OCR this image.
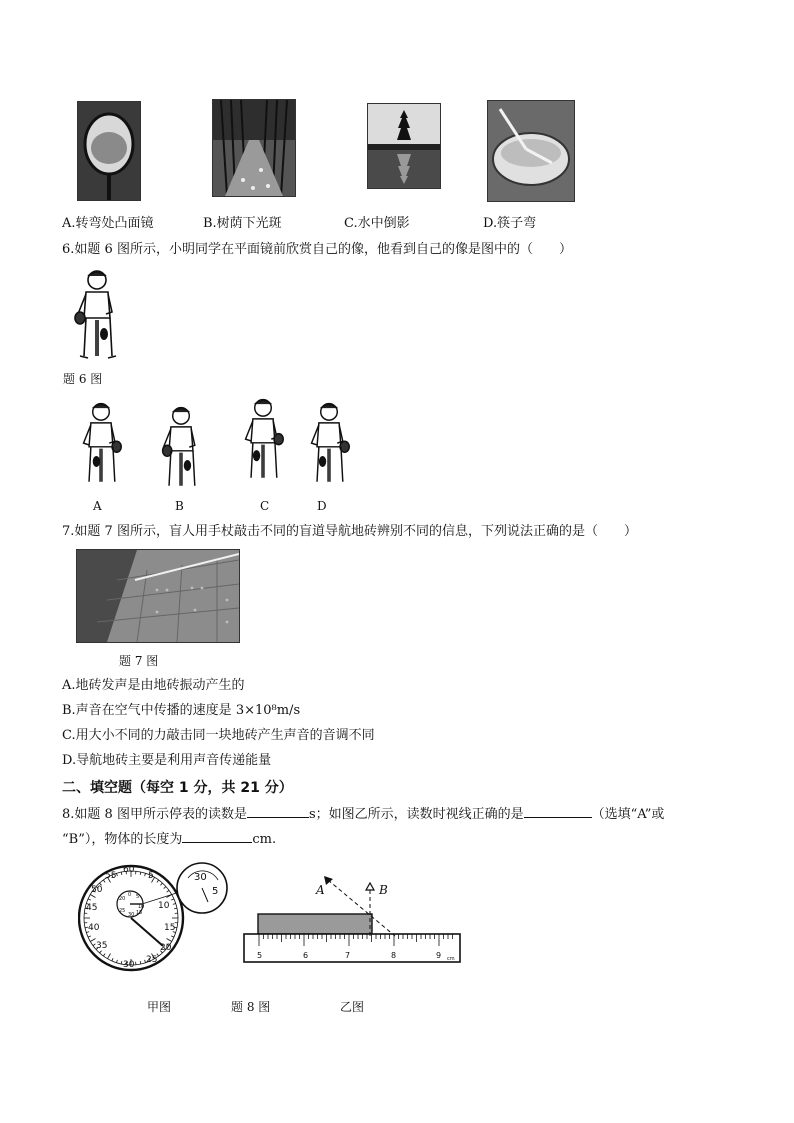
A.转弯处凸面镜	B.树荫下光斑	C.水中倒影	D.筷子弯
6.如题 6 图所示，小明同学在平面镜前欣赏自己的像，他看到自己的像是图中的（　　）
题 6 图
A	B	C	D
7.如题 7 图所示，盲人用手杖敲击不同的盲道导航地砖辨别不同的信息，下列说法正确的是（　　）
题 7 图
A.地砖发声是由地砖振动产生的
B.声音在空气中传播的速度是 3×10⁸m/s
C.用大小不同的力敲击同一块地砖产生声音的音调不同
D.导航地砖主要是利用声音传递能量
二、填空题（每空 1 分，共 21 分）
8.如题 8 图甲所示停表的读数是	s；如图乙所示，读数时视线正确的是	（选填“A”或
“B”），物体的长度为	cm.
60
55	5
50
10
45
15
40
20
35
25
30
0
30
25
5
10
15
20
30
5
5	6	7	8	9 cm
A	B
甲图	题 8 图	乙图
